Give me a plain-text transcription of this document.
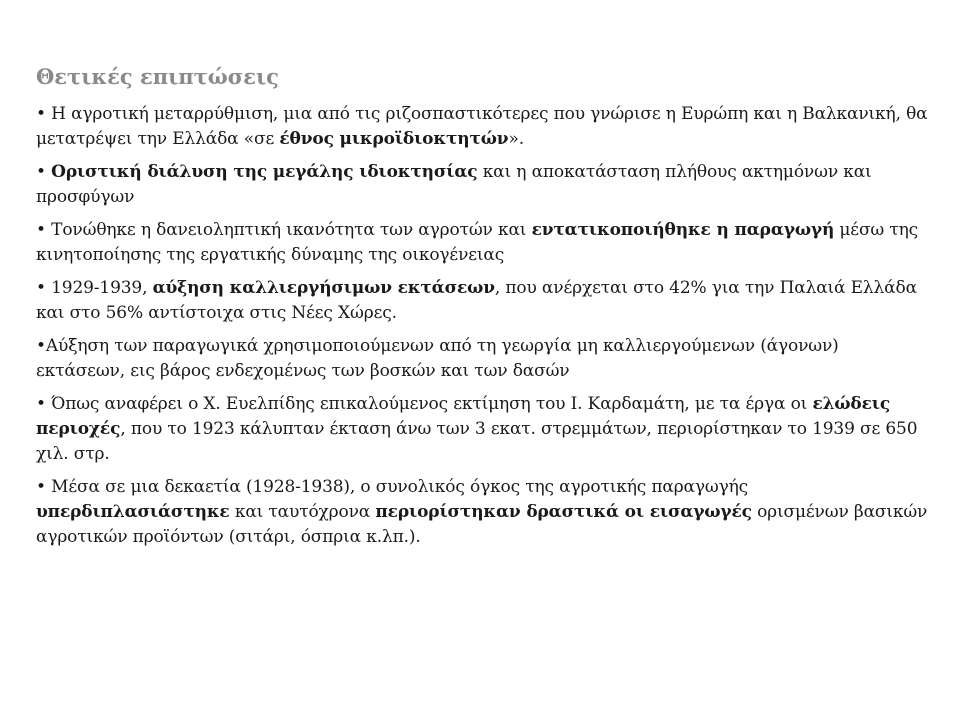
Θετικές επιπτώσεις
• Η αγροτική μεταρρύθμιση, μια από τις ριζοσπαστικότερες που γνώρισε η Ευρώπη και η Βαλκανική, θα μετατρέψει την Ελλάδα «σε έθνος μικροϊδιοκτητών».
• Οριστική διάλυση της μεγάλης ιδιοκτησίας και η αποκατάσταση πλήθους ακτημόνων και προσφύγων
• Τονώθηκε η δανειοληπτική ικανότητα των αγροτών και εντατικοποιήθηκε η παραγωγή μέσω της κινητοποίησης της εργατικής δύναμης της οικογένειας
• 1929-1939, αύξηση καλλιεργήσιμων εκτάσεων, που ανέρχεται στο 42% για την Παλαιά Ελλάδα και στο 56% αντίστοιχα στις Νέες Χώρες.
•Αύξηση των παραγωγικά χρησιμοποιούμενων από τη γεωργία μη καλλιεργούμενων (άγονων) εκτάσεων, εις βάρος ενδεχομένως των βοσκών και των δασών
• Όπως αναφέρει ο Χ. Ευελπίδης επικαλούμενος εκτίμηση του Ι. Καρδαμάτη, με τα έργα οι ελώδεις περιοχές, που το 1923 κάλυπταν έκταση άνω των 3 εκατ. στρεμμάτων, περιορίστηκαν το 1939 σε 650 χιλ. στρ.
• Μέσα σε μια δεκαετία (1928-1938), ο συνολικός όγκος της αγροτικής παραγωγής υπερδιπλασιάστηκε και ταυτόχρονα περιορίστηκαν δραστικά οι εισαγωγές ορισμένων βασικών αγροτικών προϊόντων (σιτάρι, όσπρια κ.λπ.).
